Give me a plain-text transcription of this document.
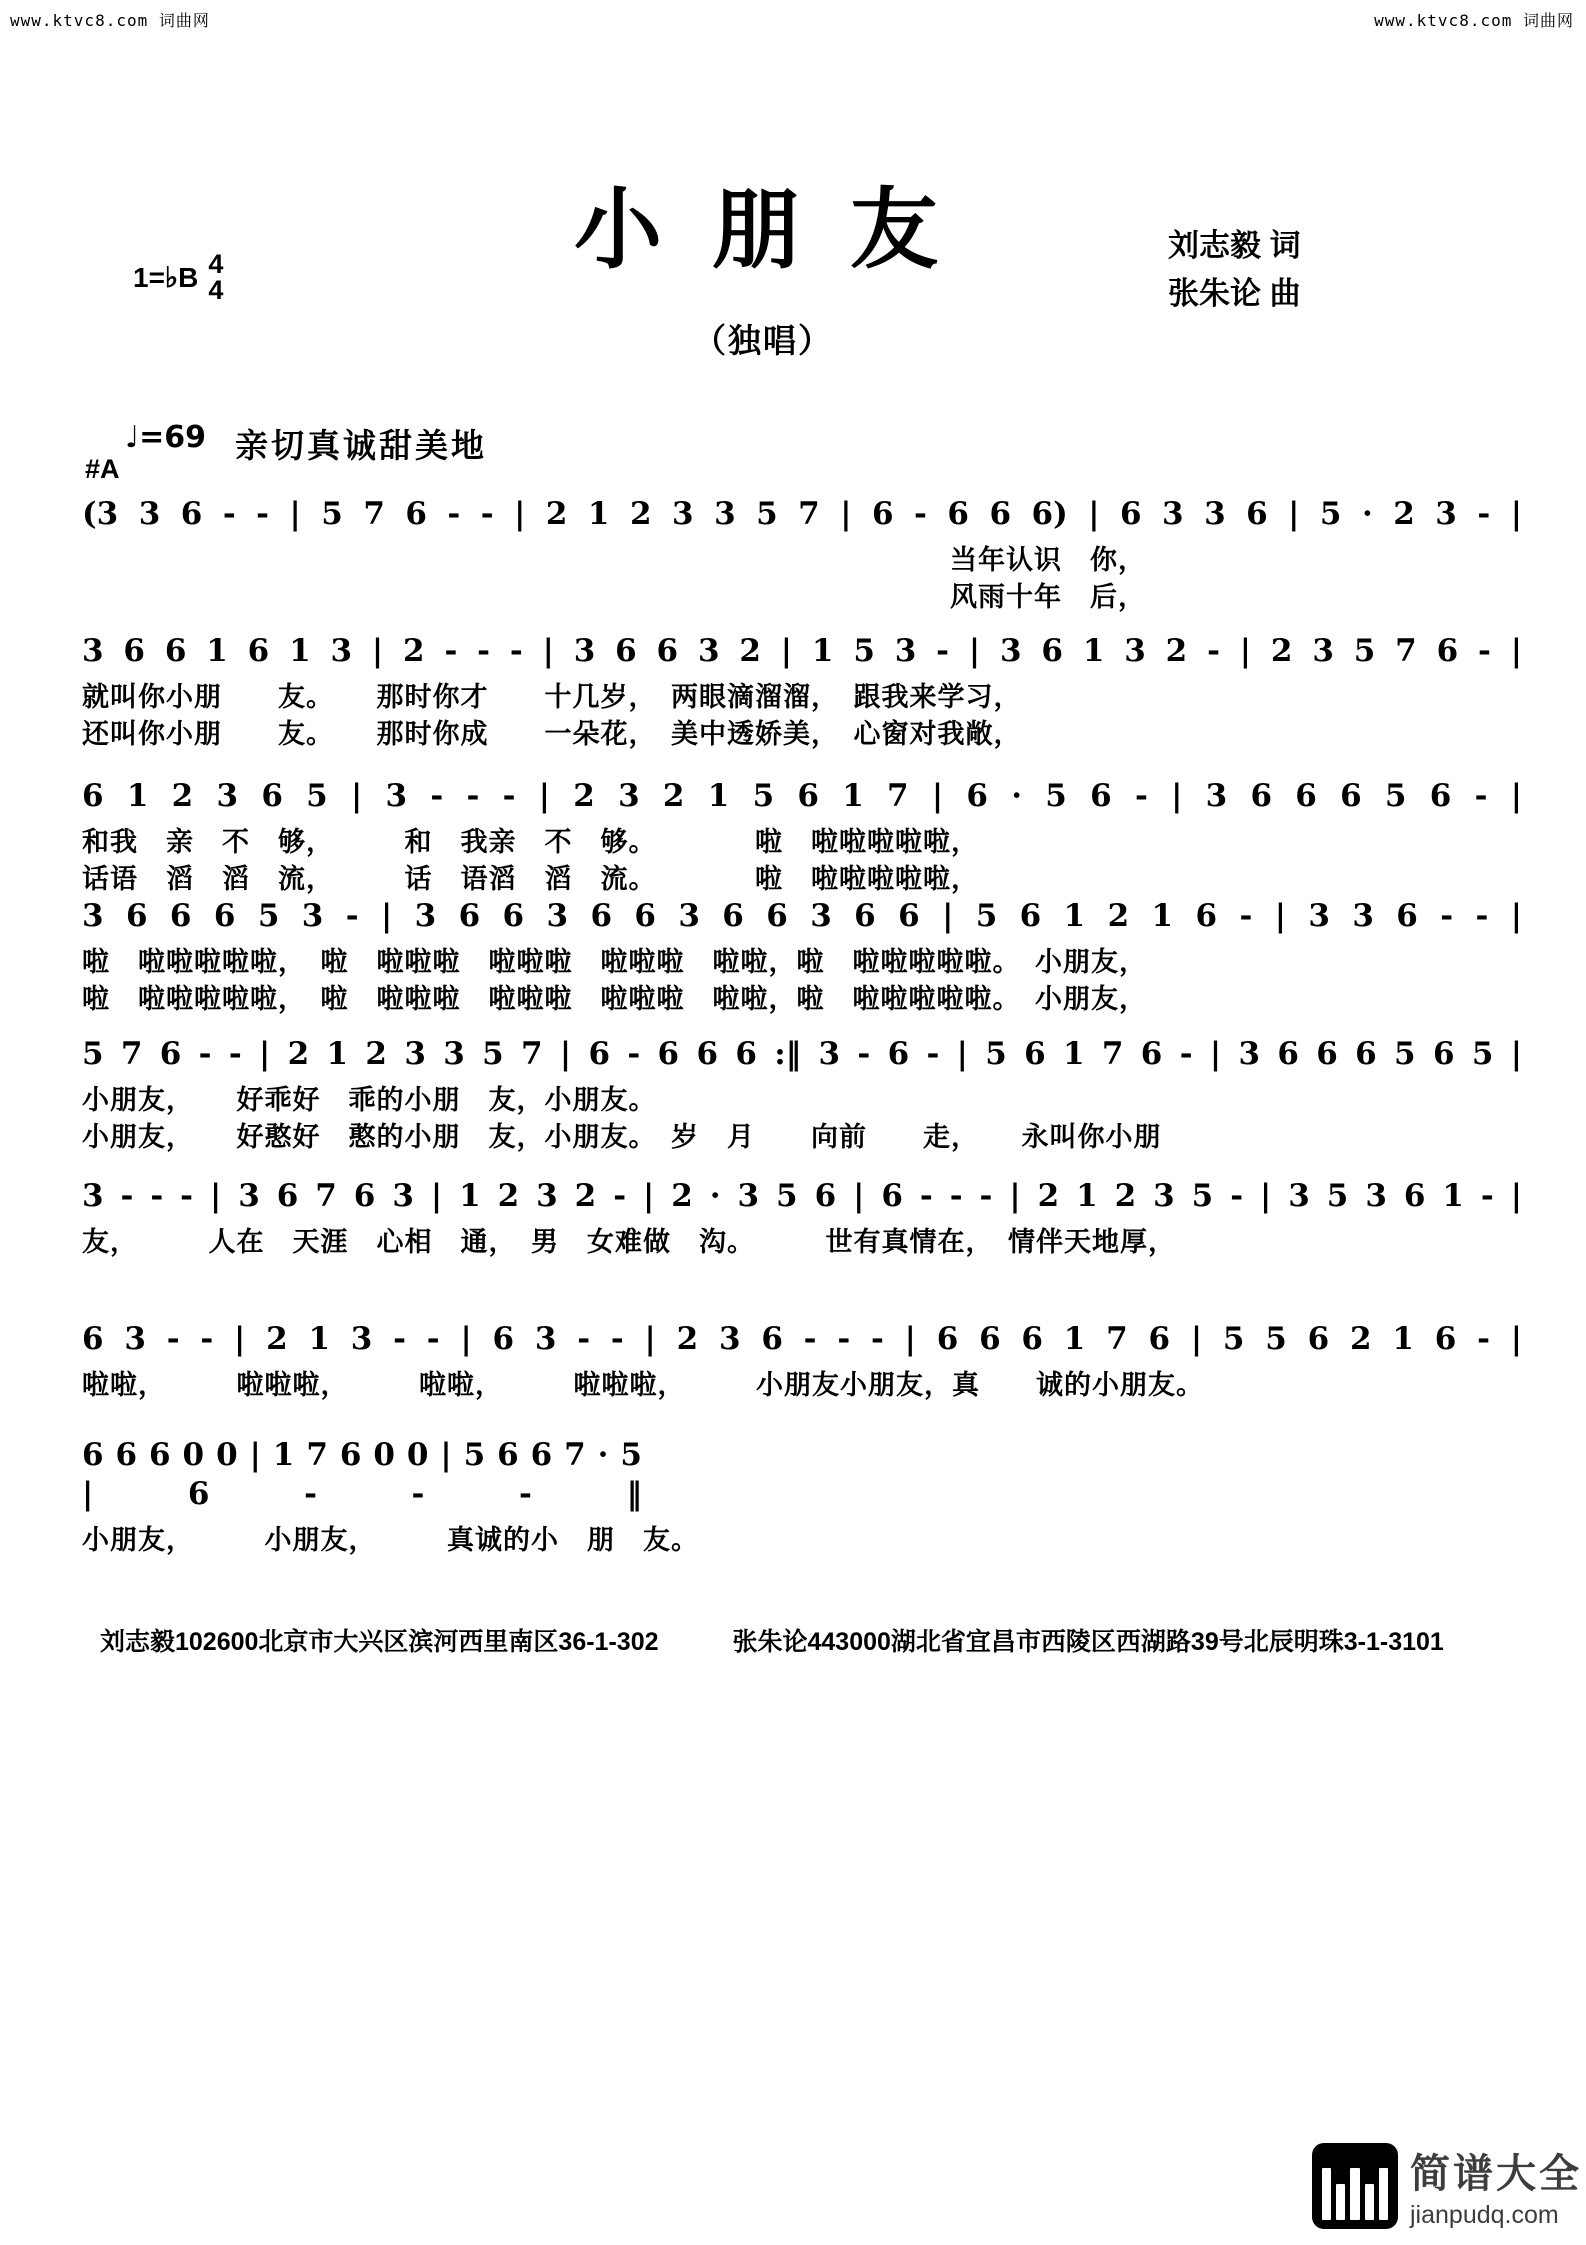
www.ktvc8.com 词曲网	www.ktvc8.com 词曲网
1=♭B 4
4
小 朋 友
（独唱）
刘志毅 词
张朱论 曲
#A
♩=69 亲切真诚甜美地
(3 3 6 - - | 5 7 6 - - | 2 1 2 3 3 5 7 | 6 - 6 6 6) | 6 3 3 6 | 5 · 2 3 - |
当年认识　你，
风雨十年　后，
3 6 6 1 6 1 3 | 2 - - - | 3 6 6 3 2 | 1 5 3 - | 3 6 1 3 2 - | 2 3 5 7 6 - |
就叫你小朋　　友。　　那时你才　　十几岁，　两眼滴溜溜，　跟我来学习，
还叫你小朋　　友。　　那时你成　　一朵花，　美中透娇美，　心窗对我敞，
6 1 2 3 6 5 | 3 - - - | 2 3 2 1 5 6 1 7 | 6 · 5 6 - | 3 6 6 6 5 6 - |
和我　亲　不　够，　　　和　我亲　不　够。　　　　啦　啦啦啦啦啦，
话语　滔　滔　流，　　　话　语滔　滔　流。　　　　啦　啦啦啦啦啦，
3 6 6 6 5 3 - | 3 6 6 3 6 6 3 6 6 3 6 6 | 5 6 1 2 1 6 - | 3 3 6 - - |
啦　啦啦啦啦啦，　啦　啦啦啦　啦啦啦　啦啦啦　啦啦，啦　啦啦啦啦啦。　小朋友，
啦　啦啦啦啦啦，　啦　啦啦啦　啦啦啦　啦啦啦　啦啦，啦　啦啦啦啦啦。　小朋友，
5 7 6 - - | 2 1 2 3 3 5 7 | 6 - 6 6 6 :‖ 3 - 6 - | 5 6 1 7 6 - | 3 6 6 6 5 6 5 |
小朋友，　　好乖好　乖的小朋　友，小朋友。
小朋友，　　好憨好　憨的小朋　友，小朋友。　岁　月　　向前　　走，　　永叫你小朋
3 - - - | 3 6 7 6 3 | 1 2 3 2 - | 2 · 3 5 6 | 6 - - - | 2 1 2 3 5 - | 3 5 3 6 1 - |
友，　　　人在　天涯　心相　通，　男　女难做　沟。　　　世有真情在，　情伴天地厚，
6 3 - - | 2 1 3 - - | 6 3 - - | 2 3 6 - - - | 6 6 6 1 7 6 | 5 5 6 2 1 6 - |
啦啦，　　　啦啦啦，　　　啦啦，　　　啦啦啦，　　　小朋友小朋友，真　　诚的小朋友。
6 6 6 0 0 | 1 7 6 0 0 | 5 6 6 7 · 5 | 6 - - - ‖
小朋友，　　　小朋友，　　　真诚的小　朋　友。
刘志毅102600北京市大兴区滨河西里南区36-1-302	张朱论443000湖北省宜昌市西陵区西湖路39号北辰明珠3-1-3101
简谱大全
jianpudq.com
